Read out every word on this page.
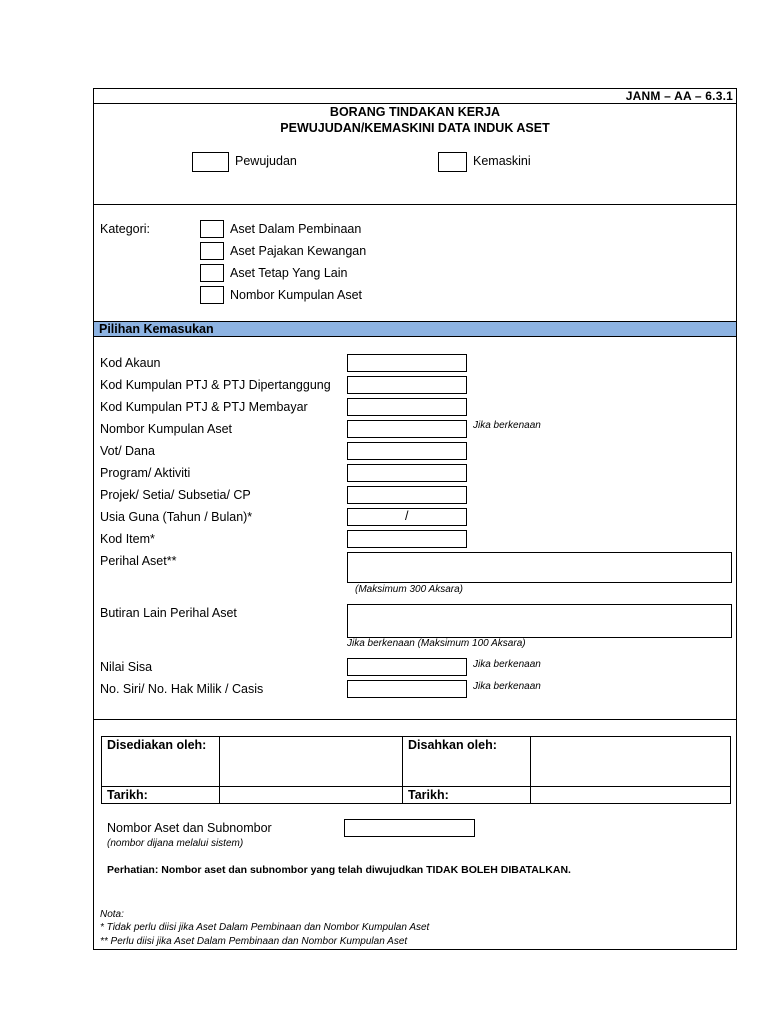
JANM – AA – 6.3.1
BORANG TINDAKAN KERJA
PEWUJUDAN/KEMASKINI DATA INDUK ASET
Pewujudan	Kemaskini
Kategori:	Aset Dalam Pembinaan
Aset Pajakan Kewangan
Aset Tetap Yang Lain
Nombor Kumpulan Aset
Pilihan Kemasukan
Kod Akaun
Kod Kumpulan PTJ & PTJ Dipertanggung
Kod Kumpulan PTJ & PTJ Membayar
Nombor Kumpulan Aset	Jika berkenaan
Vot/ Dana
Program/ Aktiviti
Projek/ Setia/ Subsetia/ CP
Usia Guna (Tahun / Bulan)*	/
Kod Item*
Perihal Aset**
(Maksimum 300 Aksara)
Butiran Lain Perihal Aset
Jika berkenaan (Maksimum 100 Aksara)
Nilai Sisa	Jika berkenaan
No. Siri/ No. Hak Milik / Casis	Jika berkenaan
Disediakan oleh:		Disahkan oleh:	
Tarikh:		Tarikh:	
Nombor Aset dan Subnombor
(nombor dijana melalui sistem)
Perhatian: Nombor aset dan subnombor yang telah diwujudkan TIDAK BOLEH DIBATALKAN.
Nota:
* Tidak perlu diisi jika Aset Dalam Pembinaan dan Nombor Kumpulan Aset
** Perlu diisi jika Aset Dalam Pembinaan dan Nombor Kumpulan Aset
